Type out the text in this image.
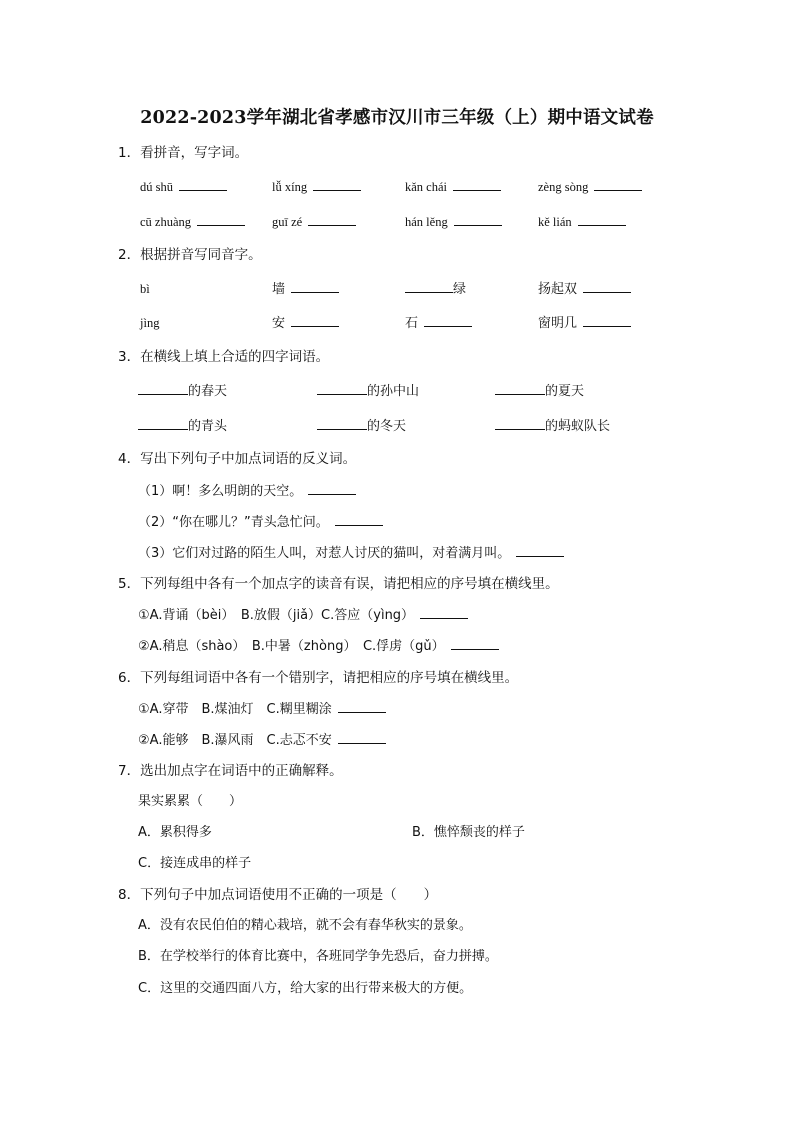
2022-2023学年湖北省孝感市汉川市三年级（上）期中语文试卷
1．看拼音，写字词。
dú shū	lǚ xíng	kǎn chái	zèng sòng
cū zhuàng	guī zé	hán lěng	kě lián
2．根据拼音写同音字。
bì	墙	绿	扬起双
jìng	安	石	窗明几
3．在横线上填上合适的四字词语。
的春天	的孙中山	的夏天
的青头	的冬天	的蚂蚁队长
4．写出下列句子中加点词语的反义词。
（1）啊！多么明朗的天空。
（2）“你在哪儿？”青头急忙问。
（3）它们对过路的陌生人叫，对惹人讨厌的猫叫，对着满月叫。
5．下列每组中各有一个加点字的读音有误，请把相应的序号填在横线里。
①A.背诵（bèi）　B.放假（jiǎ）C.答应（yìng）
②A.稍息（shào）　B.中暑（zhòng）　C.俘虏（gǔ）
6．下列每组词语中各有一个错别字，请把相应的序号填在横线里。
①A.穿带　B.煤油灯　C.糊里糊涂
②A.能够　B.瀑风雨　C.忐忑不安
7．选出加点字在词语中的正确解释。
果实累累（　　）
A．累积得多	B．憔悴颓丧的样子
C．接连成串的样子
8．下列句子中加点词语使用不正确的一项是（　　）
A．没有农民伯伯的精心栽培，就不会有春华秋实的景象。
B．在学校举行的体育比赛中，各班同学争先恐后，奋力拼搏。
C．这里的交通四面八方，给大家的出行带来极大的方便。
